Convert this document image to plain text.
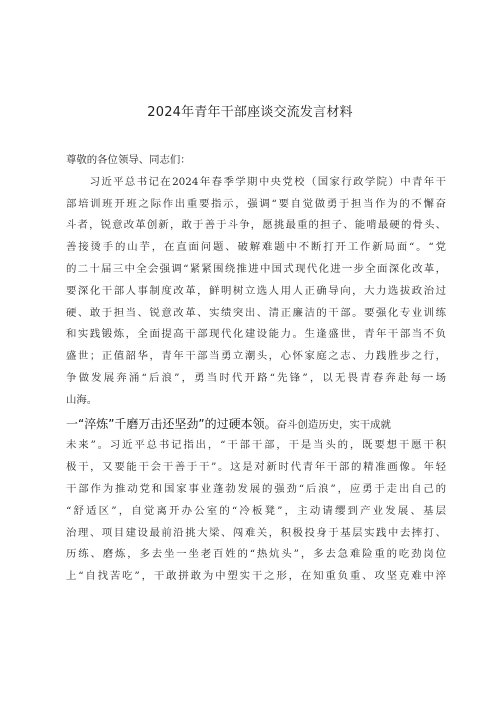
2024年青年干部座谈交流发言材料
尊敬的各位领导、同志们：
　　习近平总书记在2024年春季学期中央党校（国家行政学院）中青年干
部培训班开班之际作出重要指示，强调“要自觉做勇于担当作为的不懈奋
斗者，锐意改革创新，敢于善于斗争，愿挑最重的担子、能啃最硬的骨头、
善接烫手的山芋，在直面问题、破解难题中不断打开工作新局面“。“党
的二十届三中全会强调“紧紧围绕推进中国式现代化进一步全面深化改革，
要深化干部人事制度改革，鲜明树立选人用人正确导向，大力选拔政治过
硬、敢于担当、锐意改革、实绩突出、清正廉洁的干部。要强化专业训练
和实践锻炼，全面提高干部现代化建设能力。生逢盛世，青年干部当不负
盛世；正值韶华，青年干部当勇立潮头，心怀家庭之志、力践胜步之行，
争做发展奔涌“后浪”，勇当时代开路“先锋”，以无畏青春奔赴每一场
山海。
一“淬炼”千磨万击还坚劲”的过硬本领。奋斗创造历史，实干成就
未来”。习近平总书记指出，“干部干部，干是当头的，既要想干愿干积
极干，又要能干会干善于干”。这是对新时代青年干部的精准画像。年轻
干部作为推动党和国家事业蓬勃发展的强劲“后浪”，应勇于走出自己的
“舒适区”，自觉离开办公室的“冷板凳”，主动请缨到产业发展、基层
治理、项目建设最前沿挑大梁、闯难关，积极投身于基层实践中去摔打、
历练、磨炼，多去坐一坐老百姓的“热炕头”，多去急难险重的吃劲岗位
上“自找苦吃”，干敢拼敢为中塑实干之形，在知重负重、攻坚克难中淬
